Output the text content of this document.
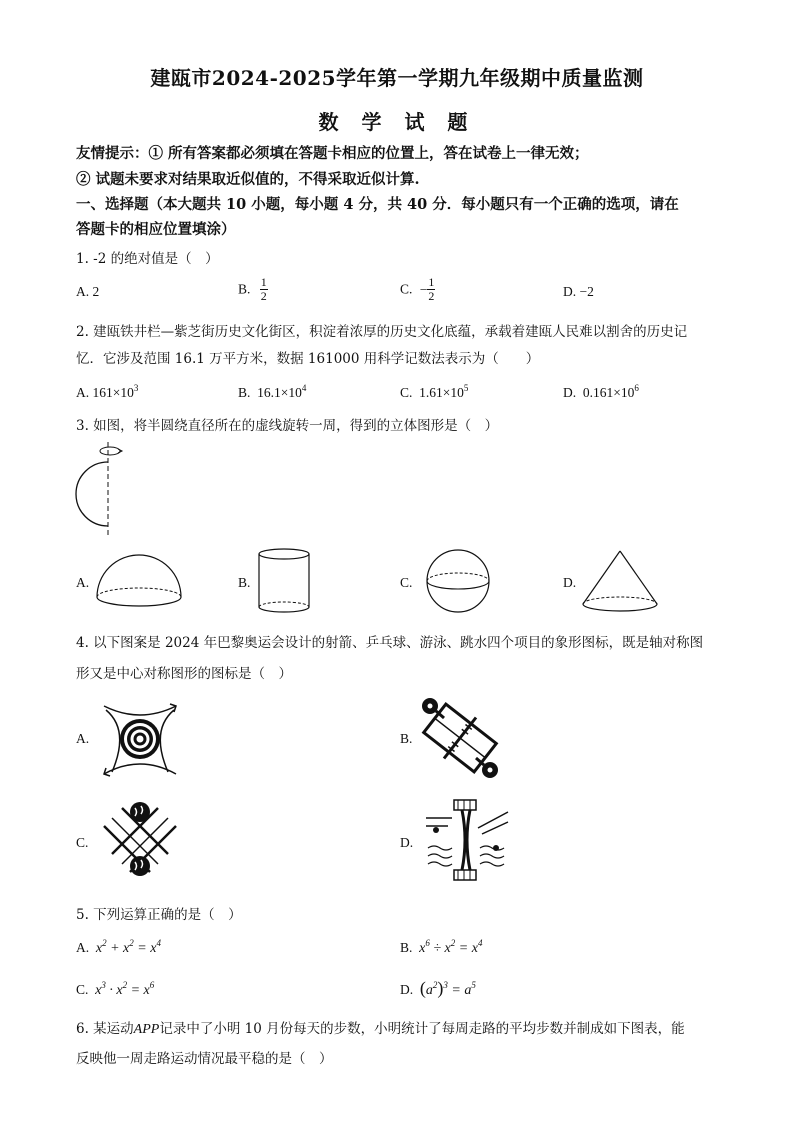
建瓯市2024-2025学年第一学期九年级期中质量监测
数 学 试 题
友情提示：① 所有答案都必须填在答题卡相应的位置上，答在试卷上一律无效；
② 试题未要求对结果取近似值的，不得采取近似计算.
一、选择题（本大题共 10 小题，每小题 4 分，共 40 分．每小题只有一个正确的选项，请在
答题卡的相应位置填涂）
1. -2 的绝对值是（　）
A. 2	B. $\frac{1}{2}$	C. − $\frac{1}{2}$	D. −2
2. 建瓯铁井栏—紫芝街历史文化街区，积淀着浓厚的历史文化底蕴，承载着建瓯人民难以割舍的历史记
忆．它涉及范围 16.1 万平方米，数据 161000 用科学记数法表示为（　　）
A. $161\times 10^3$	B. $16.1\times 10^4$	C. $1.61\times 10^5$	D. $0.161\times 10^6$
3. 如图，将半圆绕直径所在的虚线旋转一周，得到的立体图形是（　）
A.	B.	C.	D.
4. 以下图案是 2024 年巴黎奥运会设计的射箭、乒乓球、游泳、跳水四个项目的象形图标，既是轴对称图
形又是中心对称图形的图标是（　）
A.	B.
C.	D.
5. 下列运算正确的是（　）
A. $x^2 + x^2 = x^4$	B. $x^6 \div x^2 = x^4$
C. $x^3 \cdot x^2 = x^6$	D. $(a^2)^3 = a^5$
6. 某运动APP记录中了小明 10 月份每天的步数，小明统计了每周走路的平均步数并制成如下图表，能
反映他一周走路运动情况最平稳的是（　）
